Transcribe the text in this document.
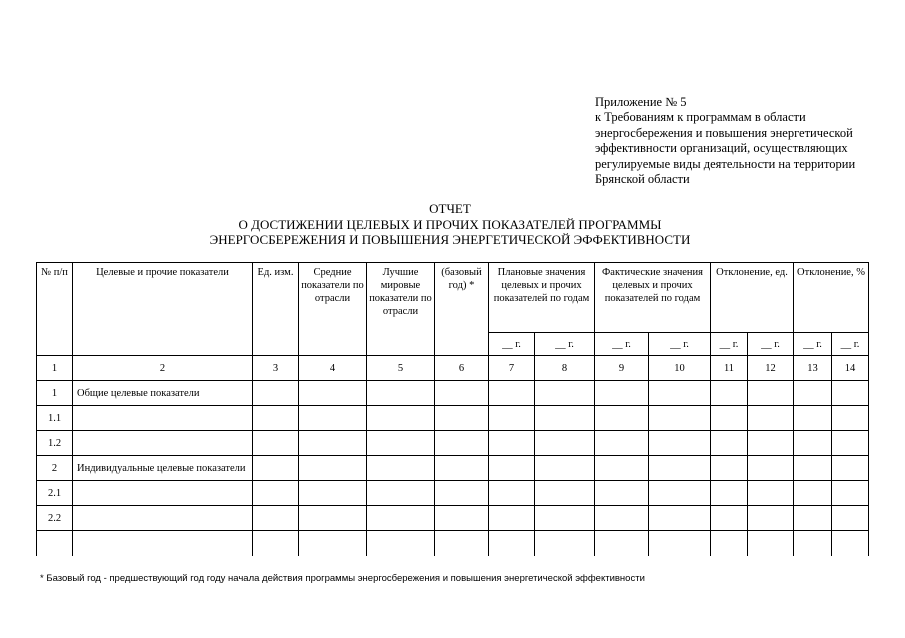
Приложение № 5
к Требованиям к программам в области
энергосбережения и повышения энергетической
эффективности организаций, осуществляющих
регулируемые виды деятельности на территории
Брянской области
ОТЧЕТ
О ДОСТИЖЕНИИ ЦЕЛЕВЫХ И ПРОЧИХ ПОКАЗАТЕЛЕЙ ПРОГРАММЫ
ЭНЕРГОСБЕРЕЖЕНИЯ И ПОВЫШЕНИЯ ЭНЕРГЕТИЧЕСКОЙ ЭФФЕКТИВНОСТИ
№ п/п	Целевые и прочие показатели	Ед. изм.	Средние показатели по отрасли	Лучшие мировые показатели по отрасли	(базовый год) *	Плановые значения целевых и прочих показателей по годам		Фактические значения целевых и прочих показателей по годам		Отклонение, ед.		Отклонение, %	
						__ г.	__ г.	__ г.	__ г.	__ г.	__ г.	__ г.	__ г.
1	2	3	4	5	6	7	8	9	10	11	12	13	14
1	Общие целевые показатели												
1.1													
1.2													
2	Индивидуальные целевые показатели												
2.1													
2.2													

* Базовый год - предшествующий год году начала действия программы энергосбережения и повышения энергетической эффективности
